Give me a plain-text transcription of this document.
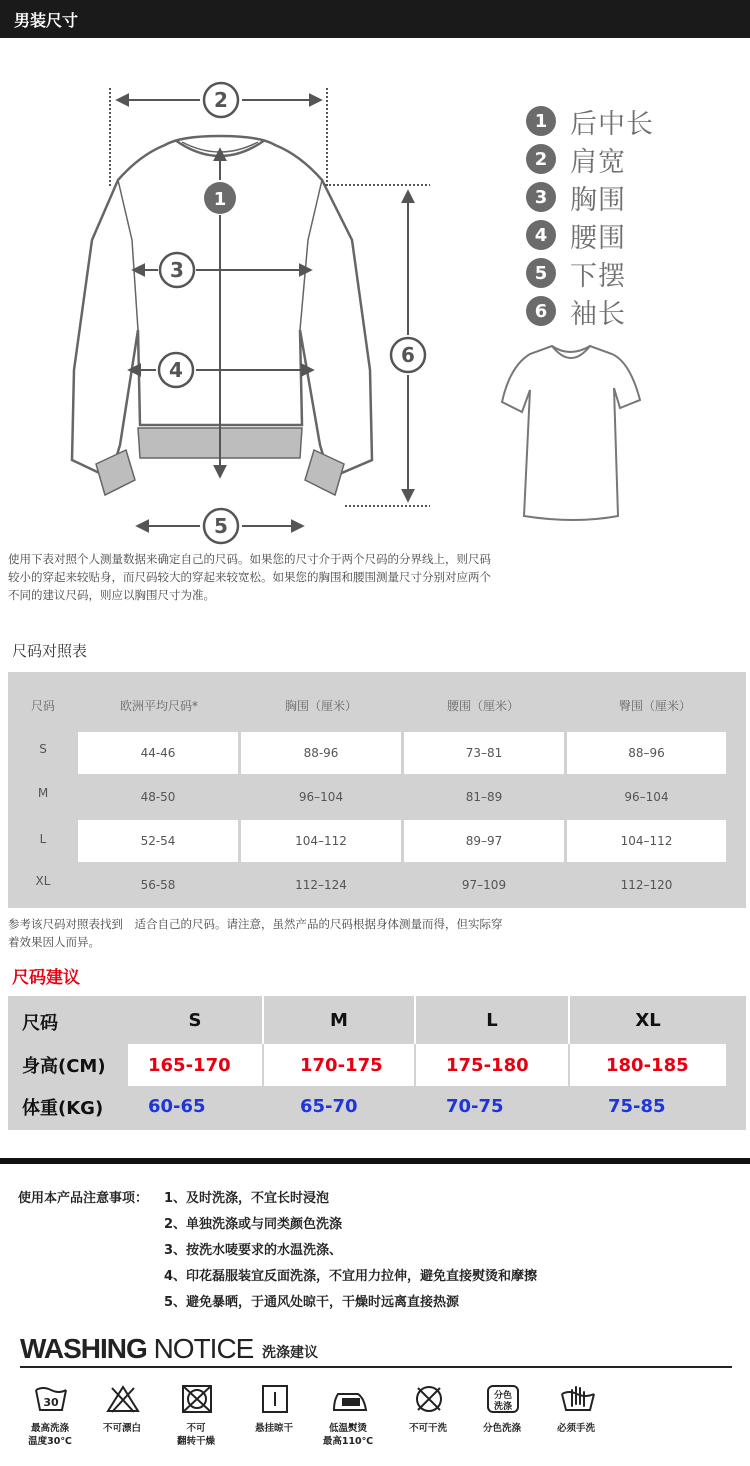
男装尺寸
2
1
3
4
5
6
1 后中长
2 肩宽
3 胸围
4 腰围
5 下摆
6 袖长
使用下表对照个人测量数据来确定自己的尺码。如果您的尺寸介于两个尺码的分界线上，则尺码较小的穿起来较贴身，而尺码较大的穿起来较宽松。如果您的胸围和腰围测量尺寸分别对应两个不同的建议尺码，则应以胸围尺寸为准。
尺码对照表
尺码	欧洲平均尺码*	胸围（厘米）	腰围（厘米）	臀围（厘米）
S	44-46	88-96	73–81	88–96
M	48-50	96–104	81–89	96–104
L	52-54	104–112	89–97	104–112
XL	56-58	112–124	97–109	112–120
参考该尺码对照表找到　适合自己的尺码。请注意，虽然产品的尺码根据身体测量而得，但实际穿着效果因人而异。
尺码建议
尺码	S	M	L	XL
身高(CM)	165-170	170-175	175-180	180-185
体重(KG)	60-65	65-70	70-75	75-85
使用本产品注意事项： 1、及时洗涤，不宜长时浸泡
2、单独洗涤或与同类颜色洗涤
3、按洗水唛要求的水温洗涤、
4、印花磊服装宜反面洗涤，不宜用力拉伸，避免直接熨烫和摩擦
5、避免暴晒，于通风处晾干，干燥时远离直接热源
WASHING NOTICE 洗涤建议
30
最高洗涤
温度30℃
不可漂白	不可
翻转干燥
悬挂晾干	低温熨烫
最高110℃
不可干洗
分色
洗涤
分色洗涤	必须手洗
